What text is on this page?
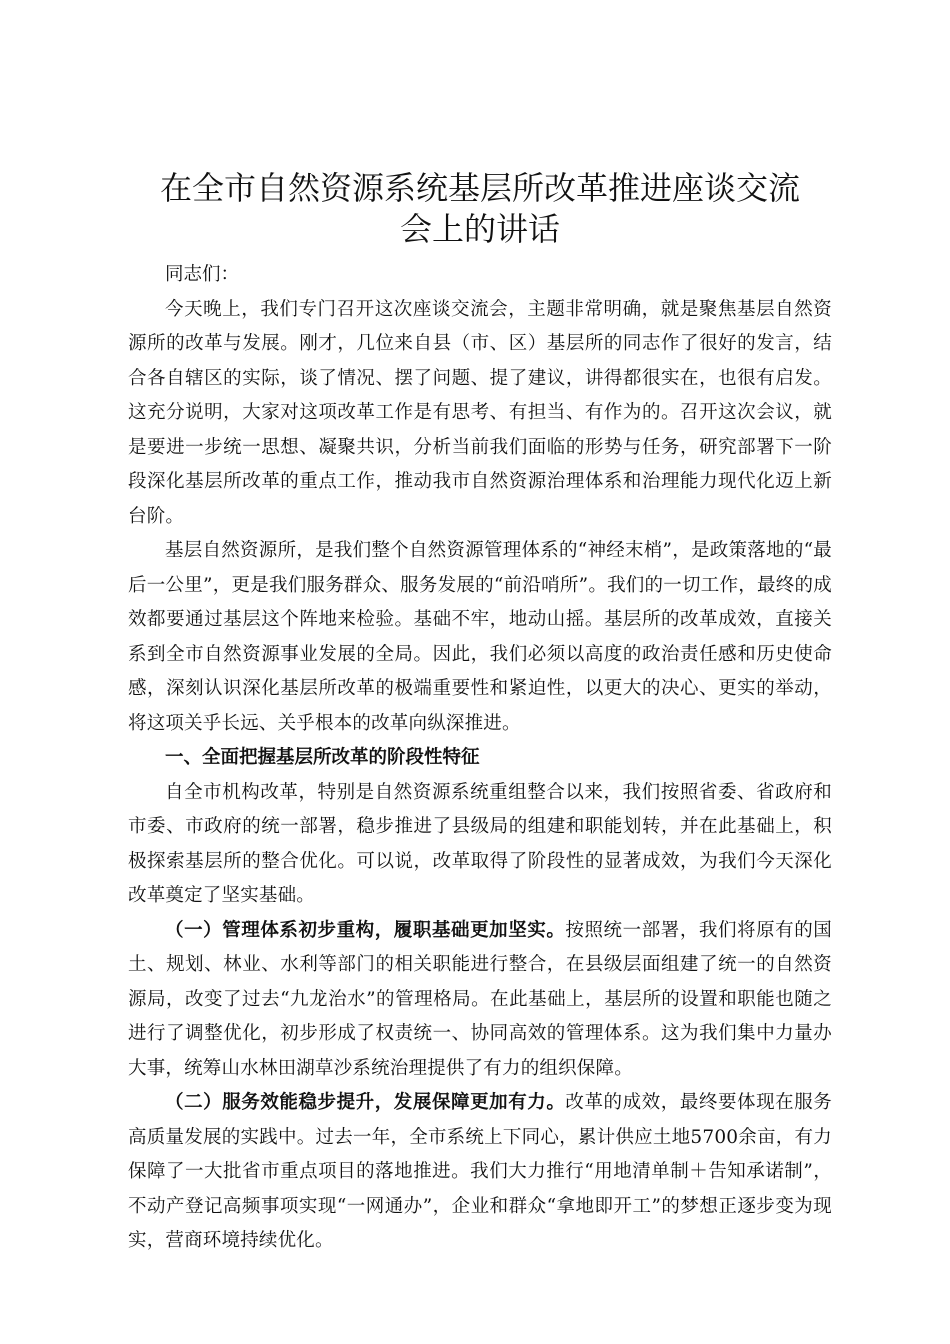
在全市自然资源系统基层所改革推进座谈交流
会上的讲话

同志们：

今天晚上，我们专门召开这次座谈交流会，主题非常明确，就是聚焦基层自然资源所的改革与发展。刚才，几位来自县（市、区）基层所的同志作了很好的发言，结合各自辖区的实际，谈了情况、摆了问题、提了建议，讲得都很实在，也很有启发。这充分说明，大家对这项改革工作是有思考、有担当、有作为的。召开这次会议，就是要进一步统一思想、凝聚共识，分析当前我们面临的形势与任务，研究部署下一阶段深化基层所改革的重点工作，推动我市自然资源治理体系和治理能力现代化迈上新台阶。

基层自然资源所，是我们整个自然资源管理体系的“神经末梢”，是政策落地的“最后一公里”，更是我们服务群众、服务发展的“前沿哨所”。我们的一切工作，最终的成效都要通过基层这个阵地来检验。基础不牢，地动山摇。基层所的改革成效，直接关系到全市自然资源事业发展的全局。因此，我们必须以高度的政治责任感和历史使命感，深刻认识深化基层所改革的极端重要性和紧迫性，以更大的决心、更实的举动，将这项关乎长远、关乎根本的改革向纵深推进。

一、全面把握基层所改革的阶段性特征

自全市机构改革，特别是自然资源系统重组整合以来，我们按照省委、省政府和市委、市政府的统一部署，稳步推进了县级局的组建和职能划转，并在此基础上，积极探索基层所的整合优化。可以说，改革取得了阶段性的显著成效，为我们今天深化改革奠定了坚实基础。

（一）管理体系初步重构，履职基础更加坚实。按照统一部署，我们将原有的国土、规划、林业、水利等部门的相关职能进行整合，在县级层面组建了统一的自然资源局，改变了过去“九龙治水”的管理格局。在此基础上，基层所的设置和职能也随之进行了调整优化，初步形成了权责统一、协同高效的管理体系。这为我们集中力量办大事，统筹山水林田湖草沙系统治理提供了有力的组织保障。

（二）服务效能稳步提升，发展保障更加有力。改革的成效，最终要体现在服务高质量发展的实践中。过去一年，全市系统上下同心，累计供应土地5700余亩，有力保障了一大批省市重点项目的落地推进。我们大力推行“用地清单制＋告知承诺制”，不动产登记高频事项实现“一网通办”，企业和群众“拿地即开工”的梦想正逐步变为现实，营商环境持续优化。
